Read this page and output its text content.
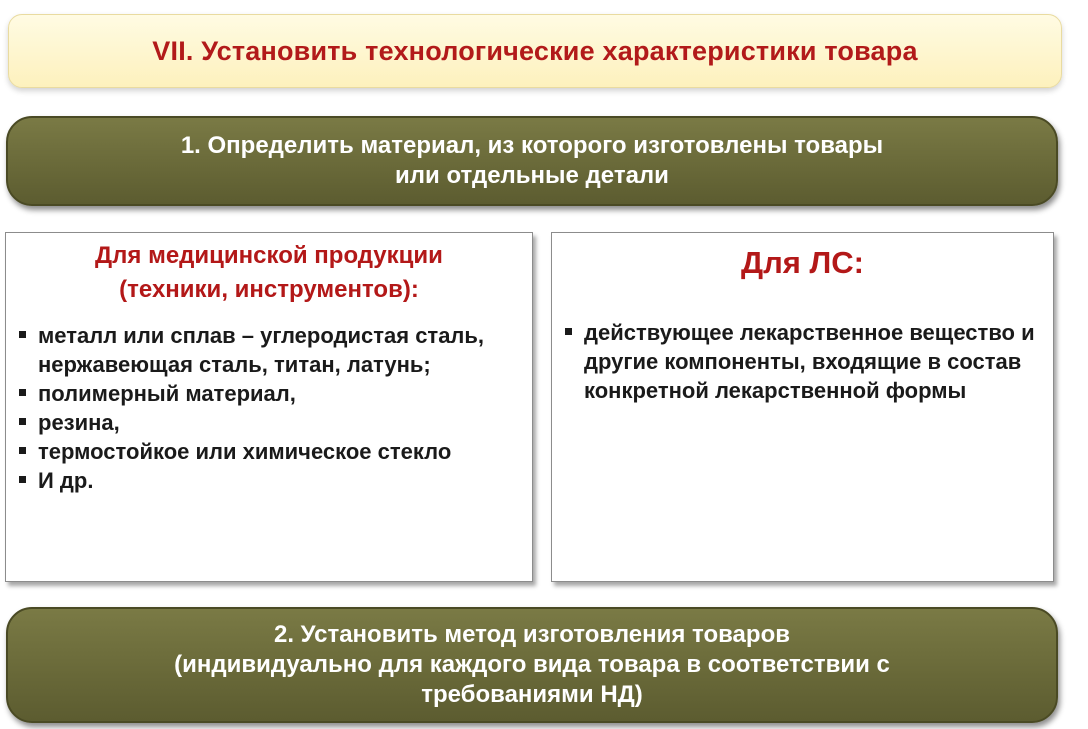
VII. Установить технологические характеристики товара
1. Определить материал, из которого изготовлены товары
или отдельные детали
Для медицинской продукции
(техники, инструментов):
металл или сплав – углеродистая сталь, нержавеющая сталь, титан, латунь;
полимерный материал,
резина,
термостойкое или химическое стекло
И др.
Для ЛС:
действующее лекарственное вещество и другие компоненты, входящие в состав конкретной лекарственной формы
2. Установить метод изготовления товаров
(индивидуально для каждого вида товара в соответствии с
требованиями НД)
